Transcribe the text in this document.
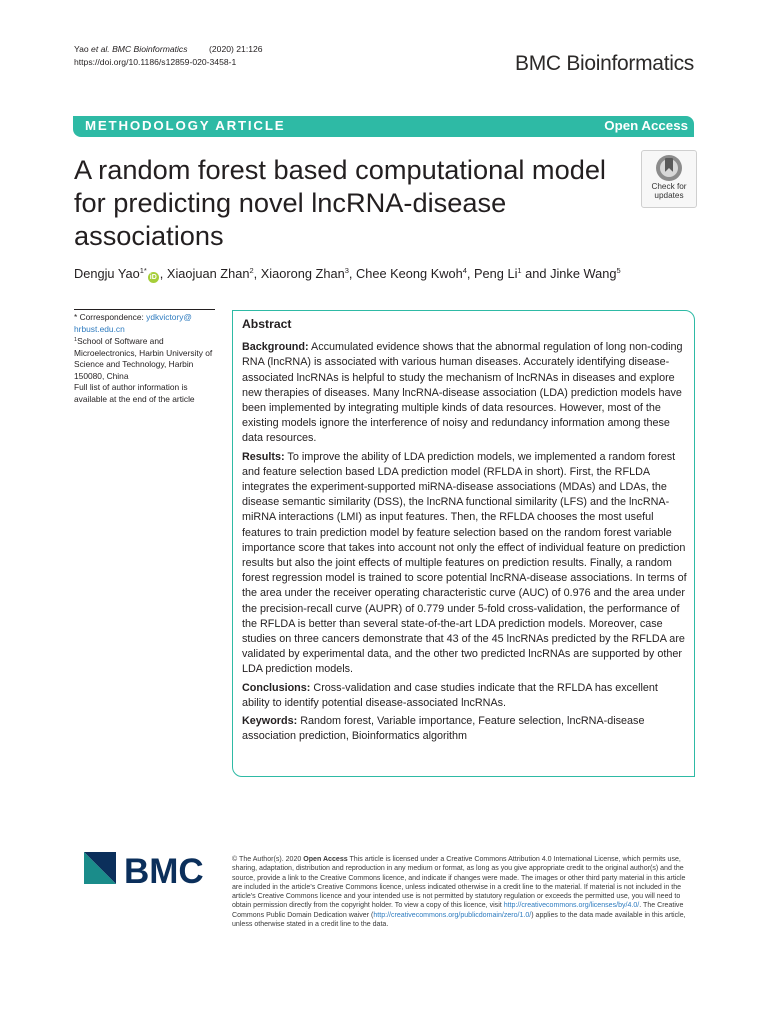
Yao et al. BMC Bioinformatics	(2020) 21:126
https://doi.org/10.1186/s12859-020-3458-1	BMC Bioinformatics
METHODOLOGY ARTICLE	Open Access
A random forest based computational model for predicting novel lncRNA-disease associations
Check for
updates
Dengju Yao$^{1*}$iD , Xiaojuan Zhan$^2$, Xiaorong Zhan$^3$, Chee Keong Kwoh$^4$, Peng Li$^1$ and Jinke Wang$^5$
* Correspondence: ydkvictory@
hrbust.edu.cn
$^1$School of Software and Microelectronics, Harbin University of Science and Technology, Harbin 150080, China
Full list of author information is available at the end of the article
Abstract

Background: Accumulated evidence shows that the abnormal regulation of long non-coding RNA (lncRNA) is associated with various human diseases. Accurately identifying disease-associated lncRNAs is helpful to study the mechanism of lncRNAs in diseases and explore new therapies of diseases. Many lncRNA-disease association (LDA) prediction models have been implemented by integrating multiple kinds of data resources. However, most of the existing models ignore the interference of noisy and redundancy information among these data resources.

Results: To improve the ability of LDA prediction models, we implemented a random forest and feature selection based LDA prediction model (RFLDA in short). First, the RFLDA integrates the experiment-supported miRNA-disease associations (MDAs) and LDAs, the disease semantic similarity (DSS), the lncRNA functional similarity (LFS) and the lncRNA-miRNA interactions (LMI) as input features. Then, the RFLDA chooses the most useful features to train prediction model by feature selection based on the random forest variable importance score that takes into account not only the effect of individual feature on prediction results but also the joint effects of multiple features on prediction results. Finally, a random forest regression model is trained to score potential lncRNA-disease associations. In terms of the area under the receiver operating characteristic curve (AUC) of 0.976 and the area under the precision-recall curve (AUPR) of 0.779 under 5-fold cross-validation, the performance of the RFLDA is better than several state-of-the-art LDA prediction models. Moreover, case studies on three cancers demonstrate that 43 of the 45 lncRNAs predicted by the RFLDA are validated by experimental data, and the other two predicted lncRNAs are supported by other LDA prediction models.

Conclusions: Cross-validation and case studies indicate that the RFLDA has excellent ability to identify potential disease-associated lncRNAs.

Keywords: Random forest, Variable importance, Feature selection, lncRNA-disease association prediction, Bioinformatics algorithm

BMC	© The Author(s). 2020 Open Access This article is licensed under a Creative Commons Attribution 4.0 International License, which permits use, sharing, adaptation, distribution and reproduction in any medium or format, as long as you give appropriate credit to the original author(s) and the source, provide a link to the Creative Commons licence, and indicate if changes were made. The images or other third party material in this article are included in the article's Creative Commons licence, unless indicated otherwise in a credit line to the material. If material is not included in the article's Creative Commons licence and your intended use is not permitted by statutory regulation or exceeds the permitted use, you will need to obtain permission directly from the copyright holder. To view a copy of this licence, visit http://creativecommons.org/licenses/by/4.0/. The Creative Commons Public Domain Dedication waiver (http://creativecommons.org/publicdomain/zero/1.0/) applies to the data made available in this article, unless otherwise stated in a credit line to the data.
